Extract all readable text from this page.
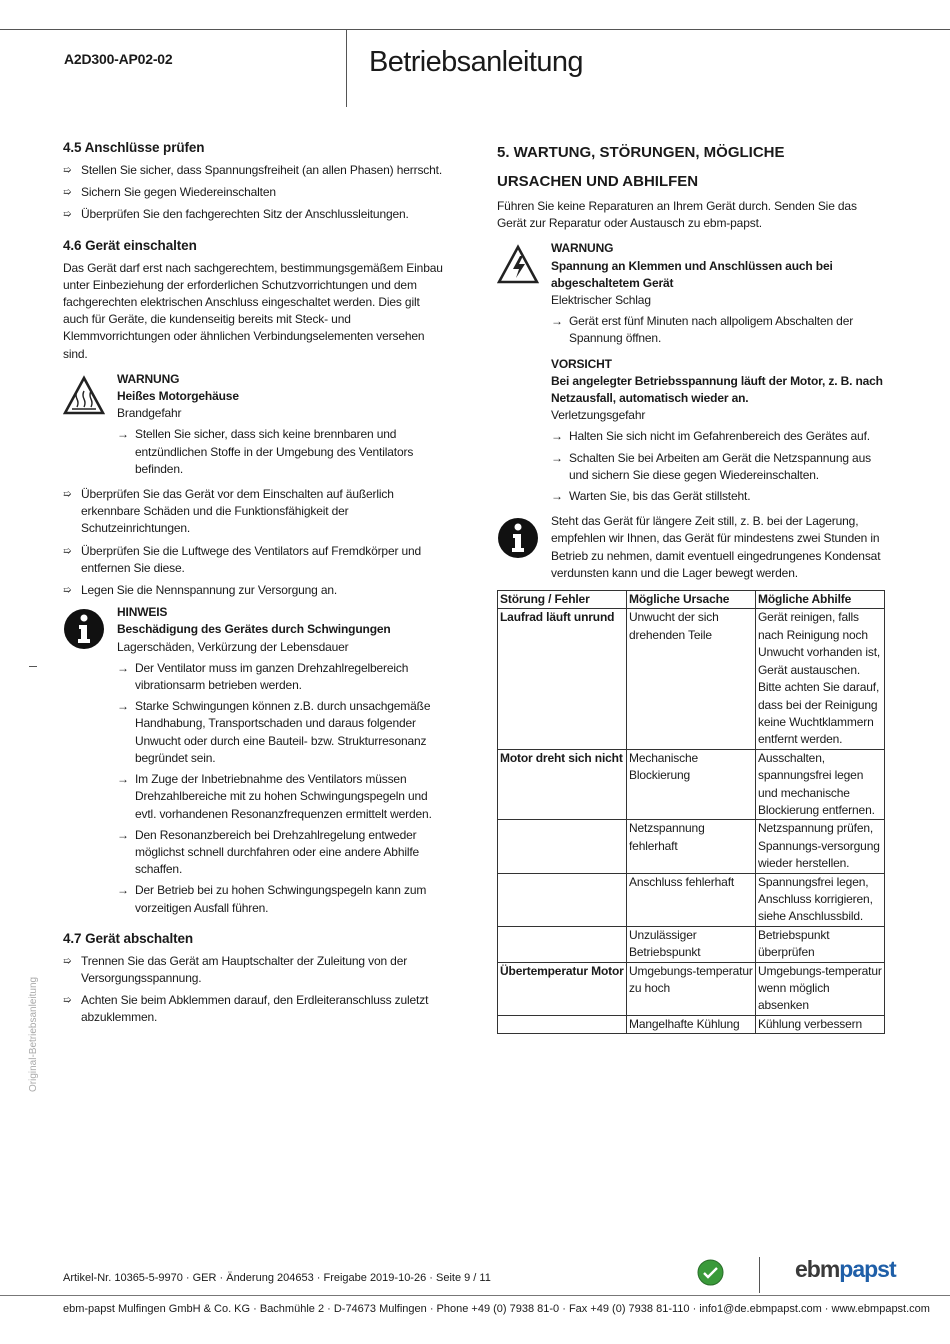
A2D300-AP02-02	Betriebsanleitung
Original-Betriebsanleitung
4.5 Anschlüsse prüfen
➯ Stellen Sie sicher, dass Spannungsfreiheit (an allen Phasen) herrscht.
➯ Sichern Sie gegen Wiedereinschalten
➯ Überprüfen Sie den fachgerechten Sitz der Anschlussleitungen.
4.6 Gerät einschalten

Das Gerät darf erst nach sachgerechtem, bestimmungsgemäßem Einbau unter Einbeziehung der erforderlichen Schutzvorrichtungen und dem fachgerechten elektrischen Anschluss eingeschaltet werden. Dies gilt auch für Geräte, die kundenseitig bereits mit Steck- und Klemmvorrichtungen oder ähnlichen Verbindungselementen versehen sind.

WARNUNG
Heißes Motorgehäuse
Brandgefahr
→ Stellen Sie sicher, dass sich keine brennbaren und entzündlichen Stoffe in der Umgebung des Ventilators befinden.
➯ Überprüfen Sie das Gerät vor dem Einschalten auf äußerlich erkennbare Schäden und die Funktionsfähigkeit der Schutzeinrichtungen.
➯ Überprüfen Sie die Luftwege des Ventilators auf Fremdkörper und entfernen Sie diese.
➯ Legen Sie die Nennspannung zur Versorgung an.
HINWEIS
Beschädigung des Gerätes durch Schwingungen
Lagerschäden, Verkürzung der Lebensdauer
→ Der Ventilator muss im ganzen Drehzahlregelbereich vibrationsarm betrieben werden.
→ Starke Schwingungen können z.B. durch unsachgemäße Handhabung, Transportschaden und daraus folgender Unwucht oder durch eine Bauteil- bzw. Strukturresonanz begründet sein.
→ Im Zuge der Inbetriebnahme des Ventilators müssen Drehzahlbereiche mit zu hohen Schwingungspegeln und evtl. vorhandenen Resonanzfrequenzen ermittelt werden.
→ Den Resonanzbereich bei Drehzahlregelung entweder möglichst schnell durchfahren oder eine andere Abhilfe schaffen.
→ Der Betrieb bei zu hohen Schwingungspegeln kann zum vorzeitigen Ausfall führen.
4.7 Gerät abschalten
➯ Trennen Sie das Gerät am Hauptschalter der Zuleitung von der Versorgungsspannung.
➯ Achten Sie beim Abklemmen darauf, den Erdleiteranschluss zuletzt abzuklemmen.
5. WARTUNG, STÖRUNGEN, MÖGLICHE
URSACHEN UND ABHILFEN

Führen Sie keine Reparaturen an Ihrem Gerät durch. Senden Sie das Gerät zur Reparatur oder Austausch zu ebm-papst.

WARNUNG
Spannung an Klemmen und Anschlüssen auch bei abgeschaltetem Gerät
Elektrischer Schlag
→ Gerät erst fünf Minuten nach allpoligem Abschalten der Spannung öffnen.
VORSICHT
Bei angelegter Betriebsspannung läuft der Motor, z. B. nach Netzausfall, automatisch wieder an.
Verletzungsgefahr
→ Halten Sie sich nicht im Gefahrenbereich des Gerätes auf.
→ Schalten Sie bei Arbeiten am Gerät die Netzspannung aus und sichern Sie diese gegen Wiedereinschalten.
→ Warten Sie, bis das Gerät stillsteht.
Steht das Gerät für längere Zeit still, z. B. bei der Lagerung, empfehlen wir Ihnen, das Gerät für mindestens zwei Stunden in Betrieb zu nehmen, damit eventuell eingedrungenes Kondensat verdunsten kann und die Lager bewegt werden.
Störung / Fehler	Mögliche Ursache	Mögliche Abhilfe
Laufrad läuft unrund	Unwucht der sich drehenden Teile	Gerät reinigen, falls nach Reinigung noch Unwucht vorhanden ist, Gerät austauschen. Bitte achten Sie darauf, dass bei der Reinigung keine Wuchtklammern entfernt werden.
Motor dreht sich nicht	Mechanische Blockierung	Ausschalten, spannungsfrei legen und mechanische Blockierung entfernen.
	Netzspannung fehlerhaft	Netzspannung prüfen, Spannungs-versorgung wieder herstellen.
	Anschluss fehlerhaft	Spannungsfrei legen, Anschluss korrigieren, siehe Anschlussbild.
	Unzulässiger Betriebspunkt	Betriebspunkt überprüfen
Übertemperatur Motor	Umgebungs-temperatur zu hoch	Umgebungs-temperatur wenn möglich absenken
	Mangelhafte Kühlung	Kühlung verbessern
Artikel-Nr. 10365-5-9970 · GER · Änderung 204653 · Freigabe 2019-10-26 · Seite 9 / 11	ebmpapst
ebm-papst Mulfingen GmbH & Co. KG · Bachmühle 2 · D-74673 Mulfingen · Phone +49 (0) 7938 81-0 · Fax +49 (0) 7938 81-110 · info1@de.ebmpapst.com · www.ebmpapst.com
